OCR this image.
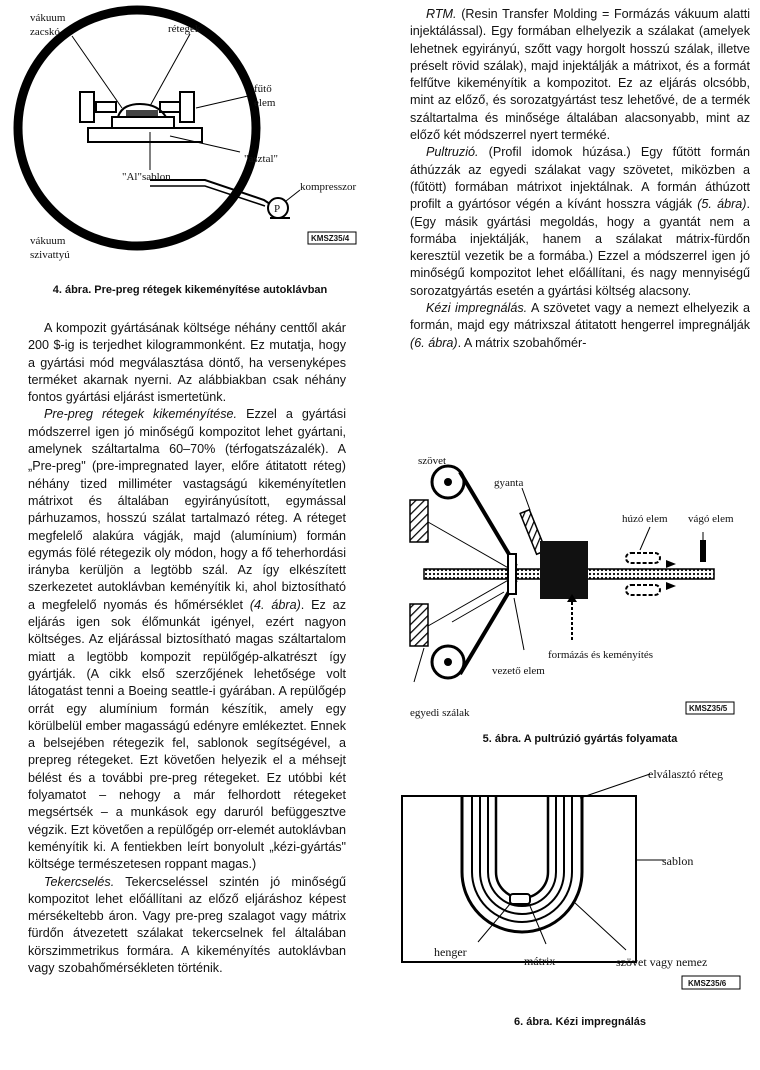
P
vákuum
zacskó	rétegek
fűtő
elem
"asztal"
"Al"sablon
kompresszor
vákuum
szivattyú
KMSZ35/4
4. ábra. Pre-preg rétegek kikeményítése autoklávban

A kompozit gyártásának költsége néhány centtől akár 200 $-ig is terjedhet kilogrammonként. Ez mutatja, hogy a gyártási mód megválasztása döntő, ha versenyképes terméket akarnak nyerni. Az alábbiakban csak néhány fontos gyártási eljárást ismertetünk.

Pre-preg rétegek kikeményítése. Ezzel a gyártási módszerrel igen jó minőségű kompozitot lehet gyártani, amelynek száltartalma 60–70% (térfogatszázalék). A „Pre-preg" (pre-impregnated layer, előre átitatott réteg) néhány tized milliméter vastagságú kikeményítetlen mátrixot és általában egyirányúsított, egymással párhuzamos, hosszú szálat tartalmazó réteg. A réteget megfelelő alakúra vágják, majd (alumínium) formán egymás fölé rétegezik oly módon, hogy a fő teherhordási irányba kerüljön a legtöbb szál. Az így elkészített szerkezetet autoklávban keményítik ki, ahol biztosítható a megfelelő nyomás és hőmérséklet (4. ábra). Ez az eljárás igen sok élőmunkát igényel, ezért nagyon költséges. Az eljárással biztosítható magas száltartalom miatt a legtöbb kompozit repülőgép-alkatrészt így gyártják. (A cikk első szerzőjének lehetősége volt látogatást tenni a Boeing seattle-i gyárában. A repülőgép orrát egy alumínium formán készítik, amely egy körülbelül ember magasságú edényre emlékeztet. Ennek a belsejében rétegezik fel, sablonok segítségével, a prepreg rétegeket. Ezt követően helyezik el a méhsejt bélést és a további pre-preg rétegeket. Ez utóbbi két folyamatot – nehogy a már felhordott rétegeket megsértsék – a munkások egy daruról befüggesztve végzik. Ezt követően a repülőgép orr-elemét autoklávban keményítik ki. A fentiekben leírt bonyolult „kézi-gyártás" költsége természetesen roppant magas.)

Tekercselés. Tekercseléssel szintén jó minőségű kompozitot lehet előállítani az előző eljáráshoz képest mérsékeltebb áron. Vagy pre-preg szalagot vagy mátrix fürdőn átvezetett szálakat tekercselnek fel általában körszimmetrikus formára. A kikeményítés autoklávban vagy szobahőmérsékleten történik.

RTM. (Resin Transfer Molding = Formázás vákuum alatti injektálással). Egy formában elhelyezik a szálakat (amelyek lehetnek egyirányú, szőtt vagy horgolt hosszú szálak, illetve préselt rövid szálak), majd injektálják a mátrixot, és a formát felfűtve kikeményítik a kompozitot. Ez az eljárás olcsóbb, mint az előző, és sorozatgyártást tesz lehetővé, de a termék száltartalma és minősége általában alacsonyabb, mint az előző két módszerrel nyert terméké.

Pultruzió. (Profil idomok húzása.) Egy fűtött formán áthúzzák az egyedi szálakat vagy szövetet, miközben a (fűtött) formában mátrixot injektálnak. A formán áthúzott profilt a gyártósor végén a kívánt hosszra vágják (5. ábra). (Egy másik gyártási megoldás, hogy a gyantát nem a formába injektálják, hanem a szálakat mátrix-fürdőn keresztül vezetik be a formába.) Ezzel a módszerrel igen jó minőségű kompozitot lehet előállítani, és nagy mennyiségű sorozatgyártás esetén a gyártási költség alacsony.

Kézi impregnálás. A szövetet vagy a nemezt elhelyezik a formán, majd egy mátrixszal átitatott hengerrel impregnálják (6. ábra). A mátrix szobahőmér-

szövet
gyanta
húzó elem vágó elem
formázás és keményítés
vezető elem
egyedi szálak	KMSZ35/5
5. ábra. A pultrúzió gyártás folyamata
elválasztó réteg
sablon
henger
mátrix	szövet vagy nemez
KMSZ35/6
6. ábra. Kézi impregnálás
